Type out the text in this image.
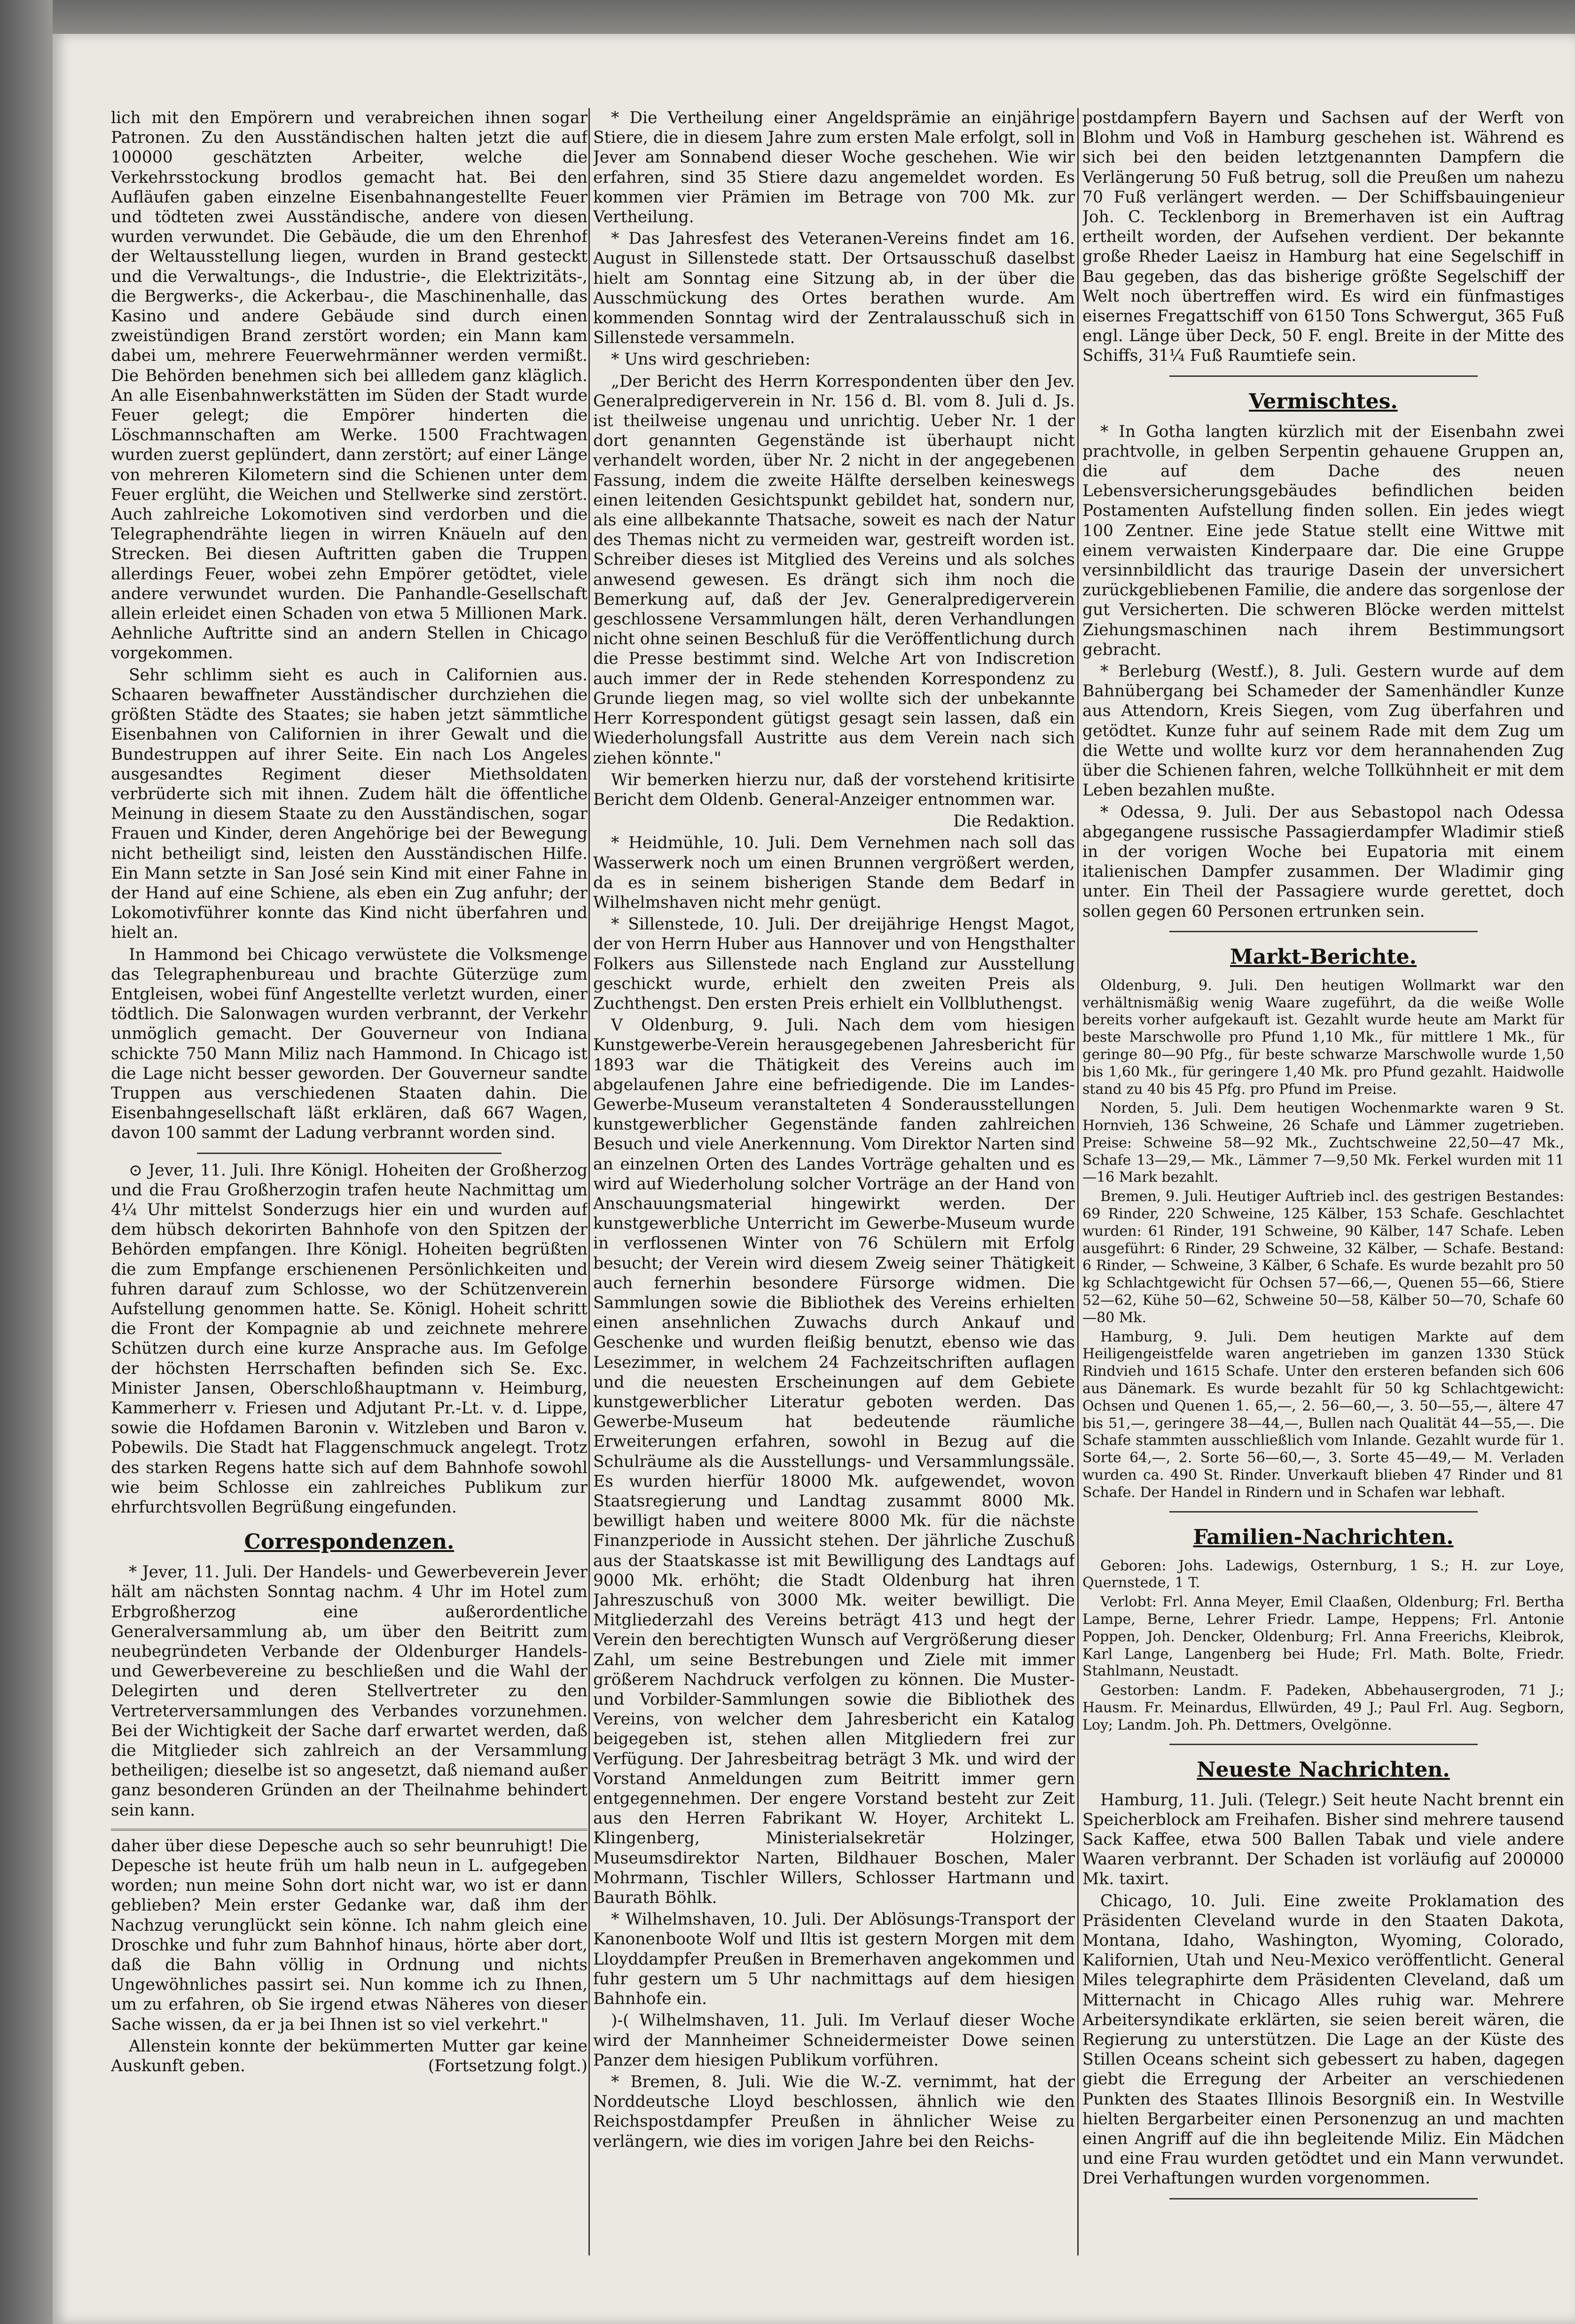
lich mit den Empörern und verabreichen ihnen sogar Patronen. Zu den Ausständischen halten jetzt die auf 100000 geschätzten Arbeiter, welche die Verkehrsstockung brodlos gemacht hat. Bei den Aufläufen gaben einzelne Eisenbahnangestellte Feuer und tödteten zwei Ausständische, andere von diesen wurden verwundet. Die Gebäude, die um den Ehrenhof der Weltausstellung liegen, wurden in Brand gesteckt und die Verwaltungs-, die Industrie-, die Elektrizitäts-, die Bergwerks-, die Ackerbau-, die Maschinenhalle, das Kasino und andere Gebäude sind durch einen zweistündigen Brand zerstört worden; ein Mann kam dabei um, mehrere Feuerwehrmänner werden vermißt. Die Behörden benehmen sich bei allledem ganz kläglich. An alle Eisenbahnwerkstätten im Süden der Stadt wurde Feuer gelegt; die Empörer hinderten die Löschmannschaften am Werke. 1500 Frachtwagen wurden zuerst geplündert, dann zerstört; auf einer Länge von mehreren Kilometern sind die Schienen unter dem Feuer erglüht, die Weichen und Stellwerke sind zerstört. Auch zahlreiche Lokomotiven sind verdorben und die Telegraphendrähte liegen in wirren Knäueln auf den Strecken. Bei diesen Auftritten gaben die Truppen allerdings Feuer, wobei zehn Empörer getödtet, viele andere verwundet wurden. Die Panhandle-Gesellschaft allein erleidet einen Schaden von etwa 5 Millionen Mark. Aehnliche Auftritte sind an andern Stellen in Chicago vorgekommen.

Sehr schlimm sieht es auch in Californien aus. Schaaren bewaffneter Ausständischer durchziehen die größten Städte des Staates; sie haben jetzt sämmtliche Eisenbahnen von Californien in ihrer Gewalt und die Bundestruppen auf ihrer Seite. Ein nach Los Angeles ausgesandtes Regiment dieser Miethsoldaten verbrüderte sich mit ihnen. Zudem hält die öffentliche Meinung in diesem Staate zu den Ausständischen, sogar Frauen und Kinder, deren Angehörige bei der Bewegung nicht betheiligt sind, leisten den Ausständischen Hilfe. Ein Mann setzte in San José sein Kind mit einer Fahne in der Hand auf eine Schiene, als eben ein Zug anfuhr; der Lokomotivführer konnte das Kind nicht überfahren und hielt an.

In Hammond bei Chicago verwüstete die Volksmenge das Telegraphenbureau und brachte Güterzüge zum Entgleisen, wobei fünf Angestellte verletzt wurden, einer tödtlich. Die Salonwagen wurden verbrannt, der Verkehr unmöglich gemacht. Der Gouverneur von Indiana schickte 750 Mann Miliz nach Hammond. In Chicago ist die Lage nicht besser geworden. Der Gouverneur sandte Truppen aus verschiedenen Staaten dahin. Die Eisenbahngesellschaft läßt erklären, daß 667 Wagen, davon 100 sammt der Ladung verbrannt worden sind.

⊙ Jever, 11. Juli. Ihre Königl. Hoheiten der Großherzog und die Frau Großherzogin trafen heute Nachmittag um 4¼ Uhr mittelst Sonderzugs hier ein und wurden auf dem hübsch dekorirten Bahnhofe von den Spitzen der Behörden empfangen. Ihre Königl. Hoheiten begrüßten die zum Empfange erschienenen Persönlichkeiten und fuhren darauf zum Schlosse, wo der Schützenverein Aufstellung genommen hatte. Se. Königl. Hoheit schritt die Front der Kompagnie ab und zeichnete mehrere Schützen durch eine kurze Ansprache aus. Im Gefolge der höchsten Herrschaften befinden sich Se. Exc. Minister Jansen, Oberschloßhauptmann v. Heimburg, Kammerherr v. Friesen und Adjutant Pr.-Lt. v. d. Lippe, sowie die Hofdamen Baronin v. Witzleben und Baron v. Pobewils. Die Stadt hat Flaggenschmuck angelegt. Trotz des starken Regens hatte sich auf dem Bahnhofe sowohl wie beim Schlosse ein zahlreiches Publikum zur ehrfurchtsvollen Begrüßung eingefunden.

Correspondenzen.

* Jever, 11. Juli. Der Handels- und Gewerbeverein Jever hält am nächsten Sonntag nachm. 4 Uhr im Hotel zum Erbgroßherzog eine außerordentliche Generalversammlung ab, um über den Beitritt zum neubegründeten Verbande der Oldenburger Handels- und Gewerbevereine zu beschließen und die Wahl der Delegirten und deren Stellvertreter zu den Vertreterversammlungen des Verbandes vorzunehmen. Bei der Wichtigkeit der Sache darf erwartet werden, daß die Mitglieder sich zahlreich an der Versammlung betheiligen; dieselbe ist so angesetzt, daß niemand außer ganz besonderen Gründen an der Theilnahme behindert sein kann.

daher über diese Depesche auch so sehr beunruhigt! Die Depesche ist heute früh um halb neun in L. aufgegeben worden; nun meine Sohn dort nicht war, wo ist er dann geblieben? Mein erster Gedanke war, daß ihm der Nachzug verunglückt sein könne. Ich nahm gleich eine Droschke und fuhr zum Bahnhof hinaus, hörte aber dort, daß die Bahn völlig in Ordnung und nichts Ungewöhnliches passirt sei. Nun komme ich zu Ihnen, um zu erfahren, ob Sie irgend etwas Näheres von dieser Sache wissen, da er ja bei Ihnen ist so viel verkehrt."

Allenstein konnte der bekümmerten Mutter gar keine Auskunft geben.	(Fortsetzung folgt.)

* Die Vertheilung einer Angeldsprämie an einjährige Stiere, die in diesem Jahre zum ersten Male erfolgt, soll in Jever am Sonnabend dieser Woche geschehen. Wie wir erfahren, sind 35 Stiere dazu angemeldet worden. Es kommen vier Prämien im Betrage von 700 Mk. zur Vertheilung.

* Das Jahresfest des Veteranen-Vereins findet am 16. August in Sillenstede statt. Der Ortsausschuß daselbst hielt am Sonntag eine Sitzung ab, in der über die Ausschmückung des Ortes berathen wurde. Am kommenden Sonntag wird der Zentralausschuß sich in Sillenstede versammeln.

* Uns wird geschrieben:

„Der Bericht des Herrn Korrespondenten über den Jev. Generalpredigerverein in Nr. 156 d. Bl. vom 8. Juli d. Js. ist theilweise ungenau und unrichtig. Ueber Nr. 1 der dort genannten Gegenstände ist überhaupt nicht verhandelt worden, über Nr. 2 nicht in der angegebenen Fassung, indem die zweite Hälfte derselben keineswegs einen leitenden Gesichtspunkt gebildet hat, sondern nur, als eine allbekannte Thatsache, soweit es nach der Natur des Themas nicht zu vermeiden war, gestreift worden ist. Schreiber dieses ist Mitglied des Vereins und als solches anwesend gewesen. Es drängt sich ihm noch die Bemerkung auf, daß der Jev. Generalpredigerverein geschlossene Versammlungen hält, deren Verhandlungen nicht ohne seinen Beschluß für die Veröffentlichung durch die Presse bestimmt sind. Welche Art von Indiscretion auch immer der in Rede stehenden Korrespondenz zu Grunde liegen mag, so viel wollte sich der unbekannte Herr Korrespondent gütigst gesagt sein lassen, daß ein Wiederholungsfall Austritte aus dem Verein nach sich ziehen könnte."

Wir bemerken hierzu nur, daß der vorstehend kritisirte Bericht dem Oldenb. General-Anzeiger entnommen war.

Die Redaktion.

* Heidmühle, 10. Juli. Dem Vernehmen nach soll das Wasserwerk noch um einen Brunnen vergrößert werden, da es in seinem bisherigen Stande dem Bedarf in Wilhelmshaven nicht mehr genügt.

* Sillenstede, 10. Juli. Der dreijährige Hengst Magot, der von Herrn Huber aus Hannover und von Hengsthalter Folkers aus Sillenstede nach England zur Ausstellung geschickt wurde, erhielt den zweiten Preis als Zuchthengst. Den ersten Preis erhielt ein Vollbluthengst.

V Oldenburg, 9. Juli. Nach dem vom hiesigen Kunstgewerbe-Verein herausgegebenen Jahresbericht für 1893 war die Thätigkeit des Vereins auch im abgelaufenen Jahre eine befriedigende. Die im Landes-Gewerbe-Museum veranstalteten 4 Sonderausstellungen kunstgewerblicher Gegenstände fanden zahlreichen Besuch und viele Anerkennung. Vom Direktor Narten sind an einzelnen Orten des Landes Vorträge gehalten und es wird auf Wiederholung solcher Vorträge an der Hand von Anschauungsmaterial hingewirkt werden. Der kunstgewerbliche Unterricht im Gewerbe-Museum wurde in verflossenen Winter von 76 Schülern mit Erfolg besucht; der Verein wird diesem Zweig seiner Thätigkeit auch fernerhin besondere Fürsorge widmen. Die Sammlungen sowie die Bibliothek des Vereins erhielten einen ansehnlichen Zuwachs durch Ankauf und Geschenke und wurden fleißig benutzt, ebenso wie das Lesezimmer, in welchem 24 Fachzeitschriften auflagen und die neuesten Erscheinungen auf dem Gebiete kunstgewerblicher Literatur geboten werden. Das Gewerbe-Museum hat bedeutende räumliche Erweiterungen erfahren, sowohl in Bezug auf die Schulräume als die Ausstellungs- und Versammlungssäle. Es wurden hierfür 18000 Mk. aufgewendet, wovon Staatsregierung und Landtag zusammt 8000 Mk. bewilligt haben und weitere 8000 Mk. für die nächste Finanzperiode in Aussicht stehen. Der jährliche Zuschuß aus der Staatskasse ist mit Bewilligung des Landtags auf 9000 Mk. erhöht; die Stadt Oldenburg hat ihren Jahreszuschuß von 3000 Mk. weiter bewilligt. Die Mitgliederzahl des Vereins beträgt 413 und hegt der Verein den berechtigten Wunsch auf Vergrößerung dieser Zahl, um seine Bestrebungen und Ziele mit immer größerem Nachdruck verfolgen zu können. Die Muster- und Vorbilder-Sammlungen sowie die Bibliothek des Vereins, von welcher dem Jahresbericht ein Katalog beigegeben ist, stehen allen Mitgliedern frei zur Verfügung. Der Jahresbeitrag beträgt 3 Mk. und wird der Vorstand Anmeldungen zum Beitritt immer gern entgegennehmen. Der engere Vorstand besteht zur Zeit aus den Herren Fabrikant W. Hoyer, Architekt L. Klingenberg, Ministerialsekretär Holzinger, Museumsdirektor Narten, Bildhauer Boschen, Maler Mohrmann, Tischler Willers, Schlosser Hartmann und Baurath Böhlk.

* Wilhelmshaven, 10. Juli. Der Ablösungs-Transport der Kanonenboote Wolf und Iltis ist gestern Morgen mit dem Lloyddampfer Preußen in Bremerhaven angekommen und fuhr gestern um 5 Uhr nachmittags auf dem hiesigen Bahnhofe ein.

)-( Wilhelmshaven, 11. Juli. Im Verlauf dieser Woche wird der Mannheimer Schneidermeister Dowe seinen Panzer dem hiesigen Publikum vorführen.

* Bremen, 8. Juli. Wie die W.-Z. vernimmt, hat der Norddeutsche Lloyd beschlossen, ähnlich wie den Reichspostdampfer Preußen in ähnlicher Weise zu verlängern, wie dies im vorigen Jahre bei den Reichs-

postdampfern Bayern und Sachsen auf der Werft von Blohm und Voß in Hamburg geschehen ist. Während es sich bei den beiden letztgenannten Dampfern die Verlängerung 50 Fuß betrug, soll die Preußen um nahezu 70 Fuß verlängert werden. — Der Schiffsbauingenieur Joh. C. Tecklenborg in Bremerhaven ist ein Auftrag ertheilt worden, der Aufsehen verdient. Der bekannte große Rheder Laeisz in Hamburg hat eine Segelschiff in Bau gegeben, das das bisherige größte Segelschiff der Welt noch übertreffen wird. Es wird ein fünfmastiges eisernes Fregattschiff von 6150 Tons Schwergut, 365 Fuß engl. Länge über Deck, 50 F. engl. Breite in der Mitte des Schiffs, 31¼ Fuß Raumtiefe sein.

Vermischtes.

* In Gotha langten kürzlich mit der Eisenbahn zwei prachtvolle, in gelben Serpentin gehauene Gruppen an, die auf dem Dache des neuen Lebensversicherungsgebäudes befindlichen beiden Postamenten Aufstellung finden sollen. Ein jedes wiegt 100 Zentner. Eine jede Statue stellt eine Wittwe mit einem verwaisten Kinderpaare dar. Die eine Gruppe versinnbildlicht das traurige Dasein der unversichert zurückgebliebenen Familie, die andere das sorgenlose der gut Versicherten. Die schweren Blöcke werden mittelst Ziehungsmaschinen nach ihrem Bestimmungsort gebracht.

* Berleburg (Westf.), 8. Juli. Gestern wurde auf dem Bahnübergang bei Schameder der Samenhändler Kunze aus Attendorn, Kreis Siegen, vom Zug überfahren und getödtet. Kunze fuhr auf seinem Rade mit dem Zug um die Wette und wollte kurz vor dem herannahenden Zug über die Schienen fahren, welche Tollkühnheit er mit dem Leben bezahlen mußte.

* Odessa, 9. Juli. Der aus Sebastopol nach Odessa abgegangene russische Passagierdampfer Wladimir stieß in der vorigen Woche bei Eupatoria mit einem italienischen Dampfer zusammen. Der Wladimir ging unter. Ein Theil der Passagiere wurde gerettet, doch sollen gegen 60 Personen ertrunken sein.

Markt-Berichte.

Oldenburg, 9. Juli. Den heutigen Wollmarkt war den verhältnismäßig wenig Waare zugeführt, da die weiße Wolle bereits vorher aufgekauft ist. Gezahlt wurde heute am Markt für beste Marschwolle pro Pfund 1,10 Mk., für mittlere 1 Mk., für geringe 80—90 Pfg., für beste schwarze Marschwolle wurde 1,50 bis 1,60 Mk., für geringere 1,40 Mk. pro Pfund gezahlt. Haidwolle stand zu 40 bis 45 Pfg. pro Pfund im Preise.

Norden, 5. Juli. Dem heutigen Wochenmarkte waren 9 St. Hornvieh, 136 Schweine, 26 Schafe und Lämmer zugetrieben. Preise: Schweine 58—92 Mk., Zuchtschweine 22,50—47 Mk., Schafe 13—29,— Mk., Lämmer 7—9,50 Mk. Ferkel wurden mit 11—16 Mark bezahlt.

Bremen, 9. Juli. Heutiger Auftrieb incl. des gestrigen Bestandes: 69 Rinder, 220 Schweine, 125 Kälber, 153 Schafe. Geschlachtet wurden: 61 Rinder, 191 Schweine, 90 Kälber, 147 Schafe. Leben ausgeführt: 6 Rinder, 29 Schweine, 32 Kälber, — Schafe. Bestand: 6 Rinder, — Schweine, 3 Kälber, 6 Schafe. Es wurde bezahlt pro 50 kg Schlachtgewicht für Ochsen 57—66,—, Quenen 55—66, Stiere 52—62, Kühe 50—62, Schweine 50—58, Kälber 50—70, Schafe 60—80 Mk.

Hamburg, 9. Juli. Dem heutigen Markte auf dem Heiligengeistfelde waren angetrieben im ganzen 1330 Stück Rindvieh und 1615 Schafe. Unter den ersteren befanden sich 606 aus Dänemark. Es wurde bezahlt für 50 kg Schlachtgewicht: Ochsen und Quenen 1. 65,—, 2. 56—60,—, 3. 50—55,—, ältere 47 bis 51,—, geringere 38—44,—, Bullen nach Qualität 44—55,—. Die Schafe stammten ausschließlich vom Inlande. Gezahlt wurde für 1. Sorte 64,—, 2. Sorte 56—60,—, 3. Sorte 45—49,— M. Verladen wurden ca. 490 St. Rinder. Unverkauft blieben 47 Rinder und 81 Schafe. Der Handel in Rindern und in Schafen war lebhaft.

Familien-Nachrichten.

Geboren: Johs. Ladewigs, Osternburg, 1 S.; H. zur Loye, Quernstede, 1 T.

Verlobt: Frl. Anna Meyer, Emil Claaßen, Oldenburg; Frl. Bertha Lampe, Berne, Lehrer Friedr. Lampe, Heppens; Frl. Antonie Poppen, Joh. Dencker, Oldenburg; Frl. Anna Freerichs, Kleibrok, Karl Lange, Langenberg bei Hude; Frl. Math. Bolte, Friedr. Stahlmann, Neustadt.

Gestorben: Landm. F. Padeken, Abbehausergroden, 71 J.; Hausm. Fr. Meinardus, Ellwürden, 49 J.; Paul Frl. Aug. Segborn, Loy; Landm. Joh. Ph. Dettmers, Ovelgönne.

Neueste Nachrichten.

Hamburg, 11. Juli. (Telegr.) Seit heute Nacht brennt ein Speicherblock am Freihafen. Bisher sind mehrere tausend Sack Kaffee, etwa 500 Ballen Tabak und viele andere Waaren verbrannt. Der Schaden ist vorläufig auf 200000 Mk. taxirt.

Chicago, 10. Juli. Eine zweite Proklamation des Präsidenten Cleveland wurde in den Staaten Dakota, Montana, Idaho, Washington, Wyoming, Colorado, Kalifornien, Utah und Neu-Mexico veröffentlicht. General Miles telegraphirte dem Präsidenten Cleveland, daß um Mitternacht in Chicago Alles ruhig war. Mehrere Arbeitersyndikate erklärten, sie seien bereit wären, die Regierung zu unterstützen. Die Lage an der Küste des Stillen Oceans scheint sich gebessert zu haben, dagegen giebt die Erregung der Arbeiter an verschiedenen Punkten des Staates Illinois Besorgniß ein. In Westville hielten Bergarbeiter einen Personenzug an und machten einen Angriff auf die ihn begleitende Miliz. Ein Mädchen und eine Frau wurden getödtet und ein Mann verwundet. Drei Verhaftungen wurden vorgenommen.
